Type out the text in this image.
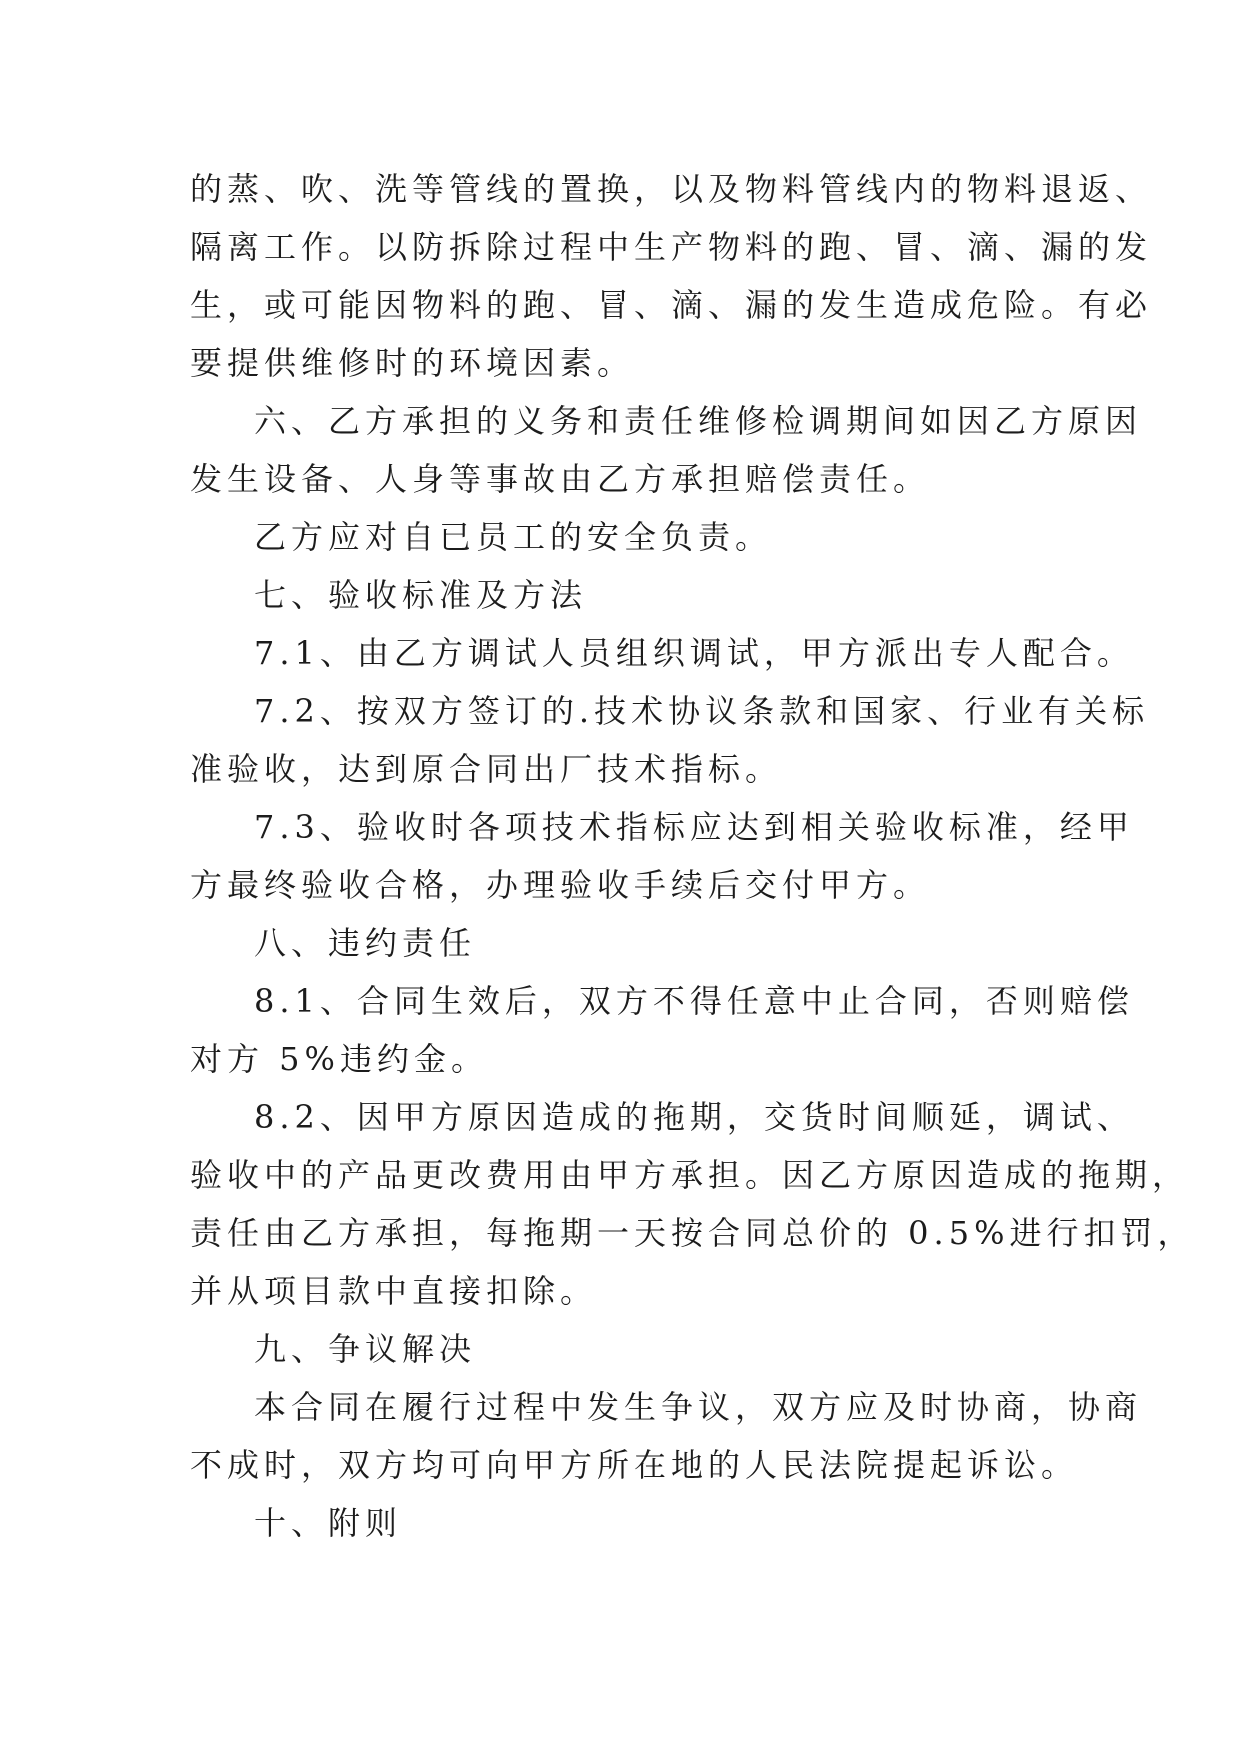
的蒸、吹、洗等管线的置换，以及物料管线内的物料退返、
隔离工作。以防拆除过程中生产物料的跑、冒、滴、漏的发
生，或可能因物料的跑、冒、滴、漏的发生造成危险。有必
要提供维修时的环境因素。
六、乙方承担的义务和责任维修检调期间如因乙方原因
发生设备、人身等事故由乙方承担赔偿责任。
乙方应对自已员工的安全负责。
七、验收标准及方法
7.1、由乙方调试人员组织调试，甲方派出专人配合。
7.2、按双方签订的.技术协议条款和国家、行业有关标
准验收，达到原合同出厂技术指标。
7.3、验收时各项技术指标应达到相关验收标准，经甲
方最终验收合格，办理验收手续后交付甲方。
八、违约责任
8.1、合同生效后，双方不得任意中止合同，否则赔偿
对方 5%违约金。
8.2、因甲方原因造成的拖期，交货时间顺延，调试、
验收中的产品更改费用由甲方承担。因乙方原因造成的拖期，
责任由乙方承担，每拖期一天按合同总价的 0.5%进行扣罚，
并从项目款中直接扣除。
九、争议解决
本合同在履行过程中发生争议，双方应及时协商，协商
不成时，双方均可向甲方所在地的人民法院提起诉讼。
十、附则
